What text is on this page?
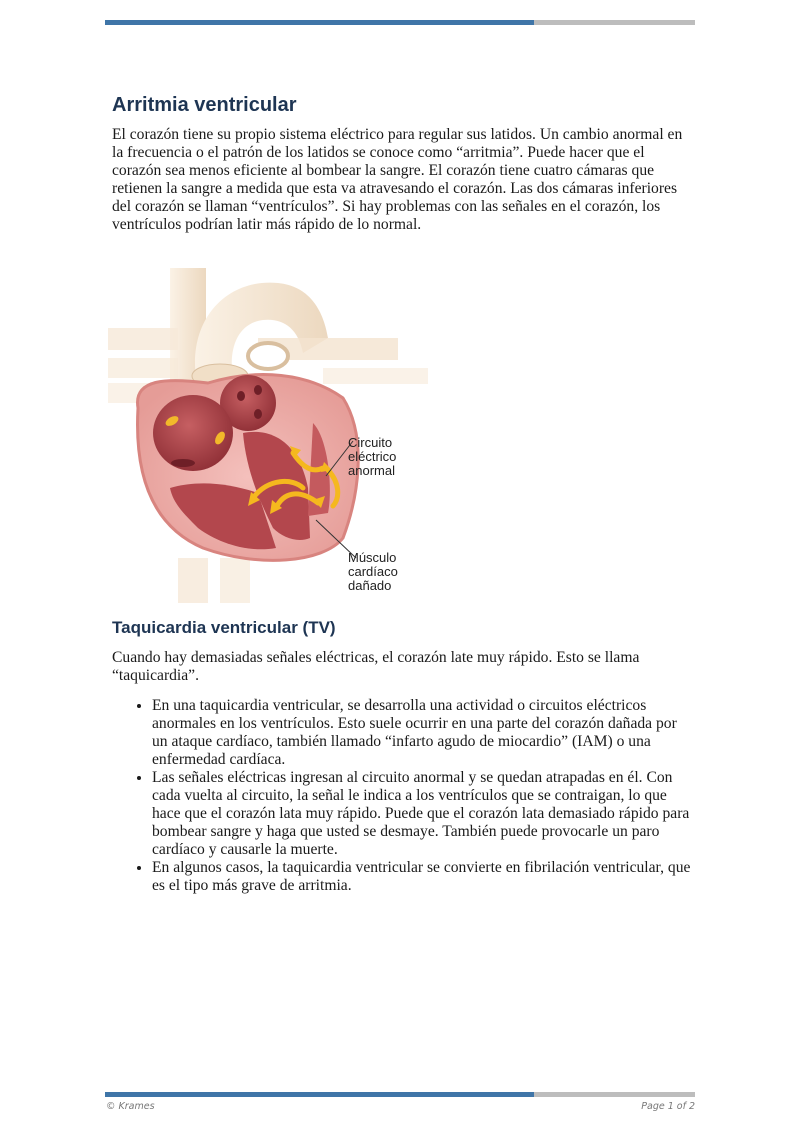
Arritmia ventricular

El corazón tiene su propio sistema eléctrico para regular sus latidos. Un cambio anormal en la frecuencia o el patrón de los latidos se conoce como “arritmia”. Puede hacer que el corazón sea menos eficiente al bombear la sangre. El corazón tiene cuatro cámaras que retienen la sangre a medida que esta va atravesando el corazón. Las dos cámaras inferiores del corazón se llaman “ventrículos”. Si hay problemas con las señales en el corazón, los ventrículos podrían latir más rápido de lo normal.

Circuito
eléctrico
anormal
Músculo
cardíaco
dañado
Taquicardia ventricular (TV)

Cuando hay demasiadas señales eléctricas, el corazón late muy rápido. Esto se llama “taquicardia”.

• En una taquicardia ventricular, se desarrolla una actividad o circuitos eléctricos anormales en los ventrículos. Esto suele ocurrir en una parte del corazón dañada por un ataque cardíaco, también llamado “infarto agudo de miocardio” (IAM) o una enfermedad cardíaca.
• Las señales eléctricas ingresan al circuito anormal y se quedan atrapadas en él. Con cada vuelta al circuito, la señal le indica a los ventrículos que se contraigan, lo que hace que el corazón lata muy rápido. Puede que el corazón lata demasiado rápido para bombear sangre y haga que usted se desmaye. También puede provocarle un paro cardíaco y causarle la muerte.
• En algunos casos, la taquicardia ventricular se convierte en fibrilación ventricular, que es el tipo más grave de arritmia.
© Krames	Page 1 of 2
